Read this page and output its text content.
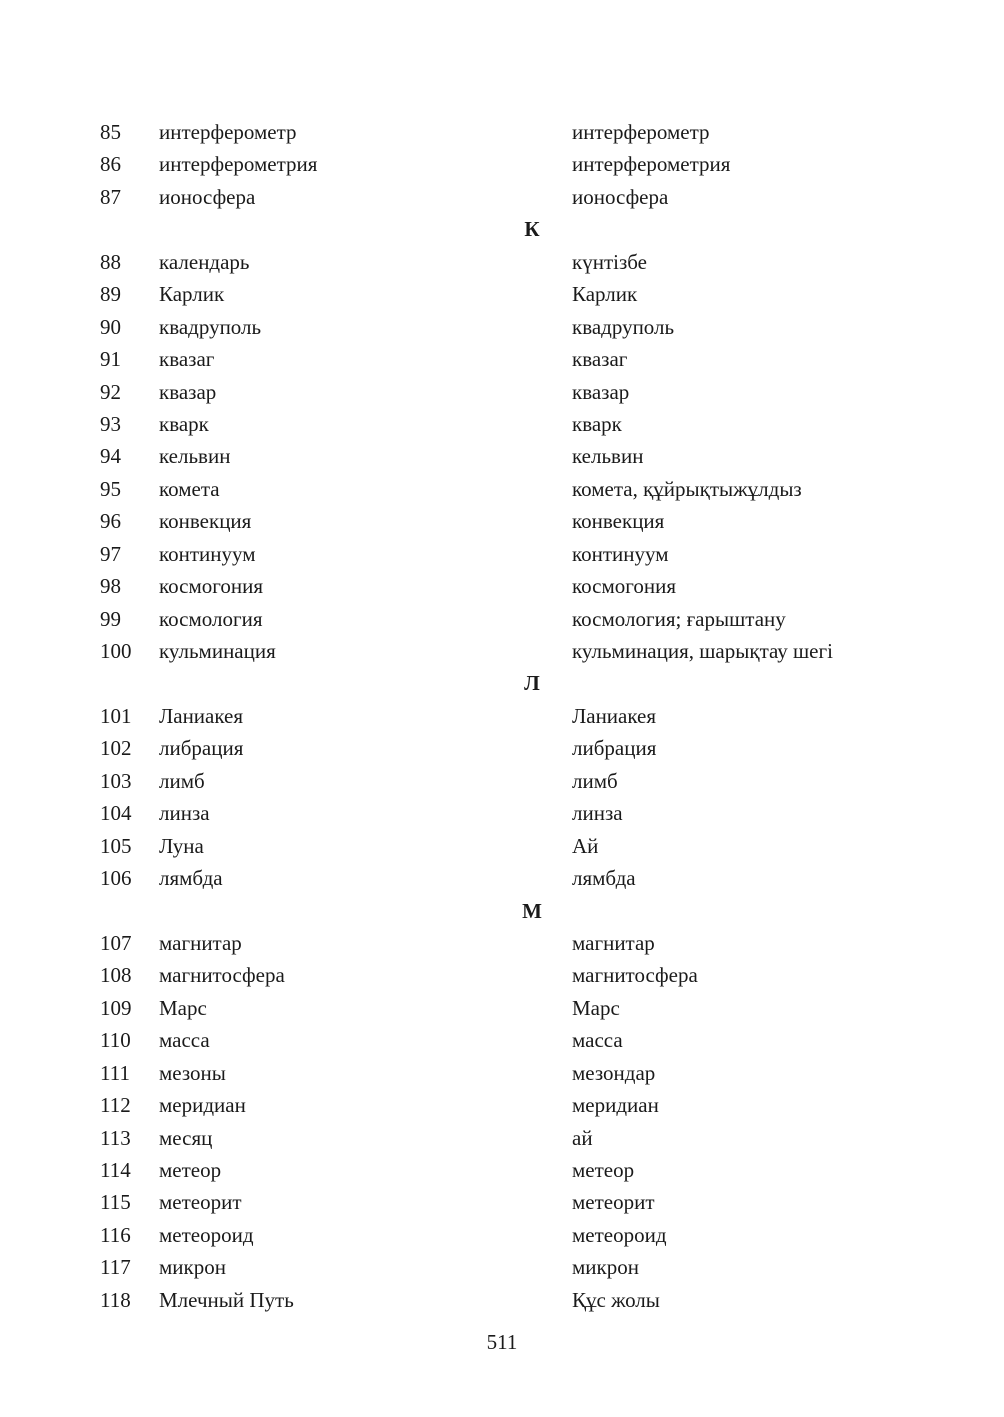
85 интерферометр	интерферометр
86 интерферометрия	интерферометрия
87 ионосфера	ионосфера
К
88 календарь	күнтізбе
89 Карлик	Карлик
90 квадруполь	квадруполь
91 квазаг	квазаг
92 квазар	квазар
93 кварк	кварк
94 кельвин	кельвин
95 комета	комета, құйрықтыжұлдыз
96 конвекция	конвекция
97 континуум	континуум
98 космогония	космогония
99 космология	космология; ғарыштану
100 кульминация	кульминация, шарықтау шегі
Л
101 Ланиакея	Ланиакея
102 либрация	либрация
103 лимб	лимб
104 линза	линза
105 Луна	Ай
106 лямбда	лямбда
М
107 магнитар	магнитар
108 магнитосфера	магнитосфера
109 Марс	Марс
110 масса	масса
111 мезоны	мезондар
112 меридиан	меридиан
113 месяц	ай
114 метеор	метеор
115 метеорит	метеорит
116 метеороид	метеороид
117 микрон	микрон
118 Млечный Путь	Құс жолы
511
